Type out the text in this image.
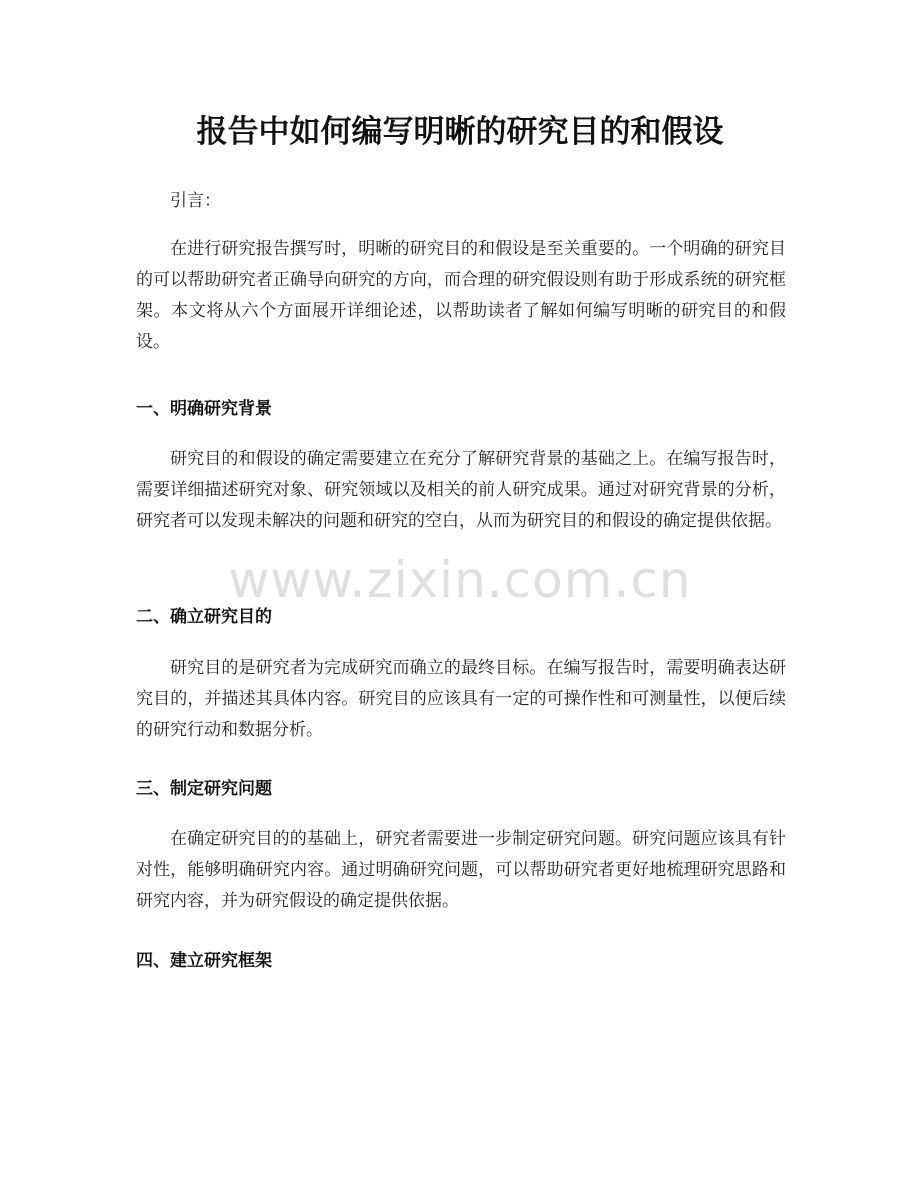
报告中如何编写明晰的研究目的和假设

引言：

在进行研究报告撰写时，明晰的研究目的和假设是至关重要的。一个明确的研究目的可以帮助研究者正确导向研究的方向，而合理的研究假设则有助于形成系统的研究框架。本文将从六个方面展开详细论述，以帮助读者了解如何编写明晰的研究目的和假设。

一、明确研究背景

研究目的和假设的确定需要建立在充分了解研究背景的基础之上。在编写报告时，需要详细描述研究对象、研究领域以及相关的前人研究成果。通过对研究背景的分析，研究者可以发现未解决的问题和研究的空白，从而为研究目的和假设的确定提供依据。

二、确立研究目的

研究目的是研究者为完成研究而确立的最终目标。在编写报告时，需要明确表达研究目的，并描述其具体内容。研究目的应该具有一定的可操作性和可测量性，以便后续的研究行动和数据分析。

三、制定研究问题

在确定研究目的的基础上，研究者需要进一步制定研究问题。研究问题应该具有针对性，能够明确研究内容。通过明确研究问题，可以帮助研究者更好地梳理研究思路和研究内容，并为研究假设的确定提供依据。

四、建立研究框架
www.zixin.com.cn
